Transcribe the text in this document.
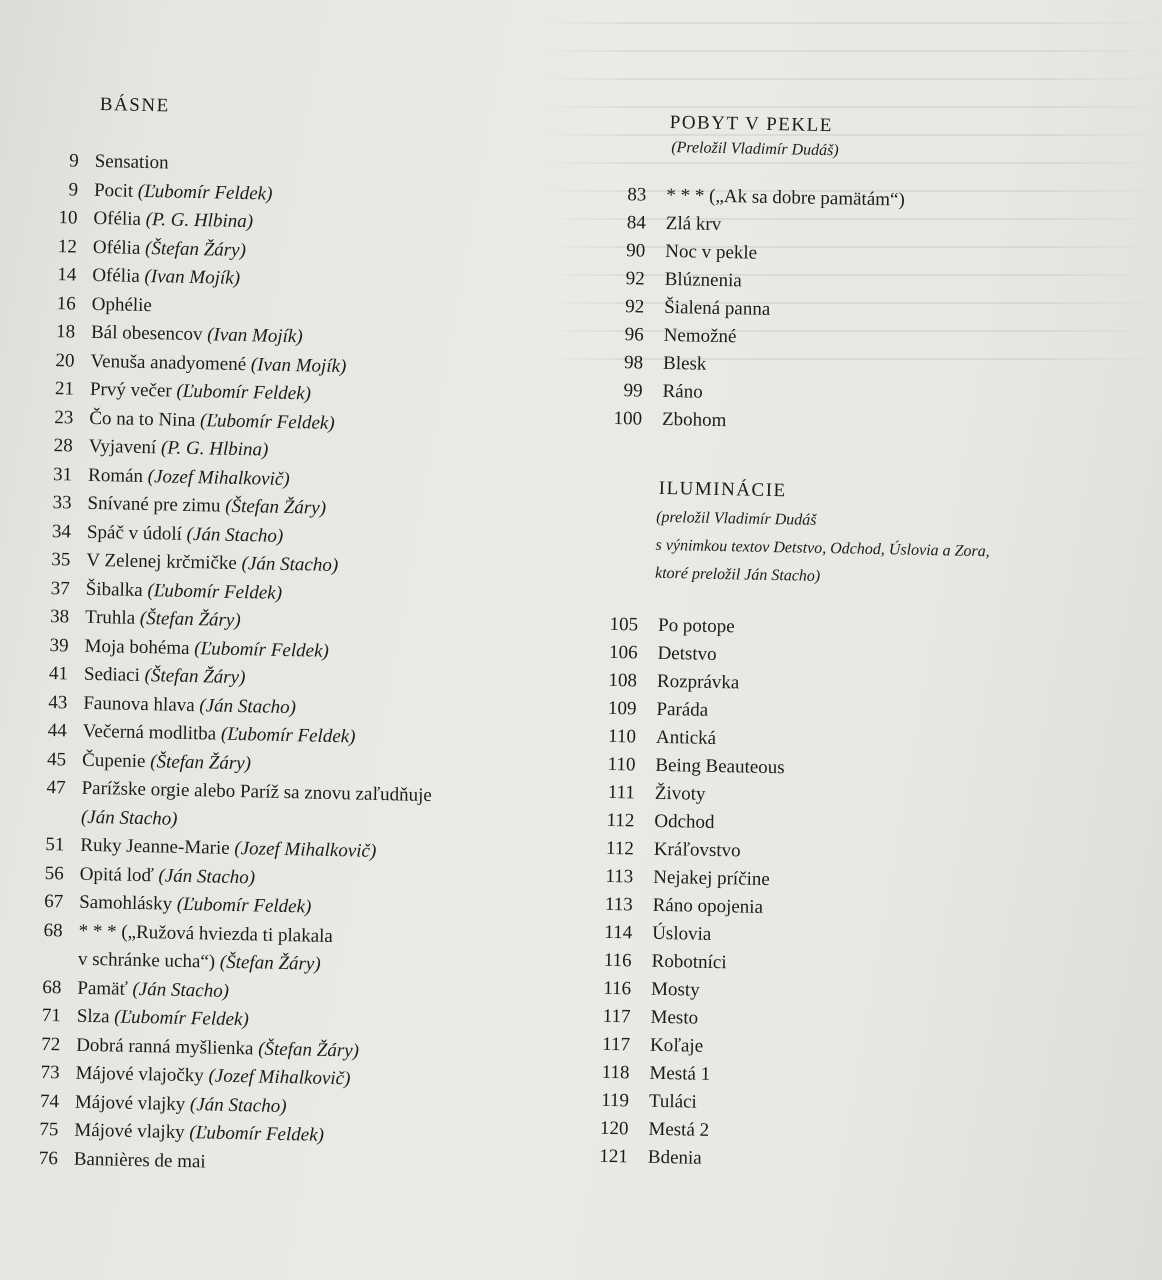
BÁSNE
9 Sensation
9 Pocit (Ľubomír Feldek)
10 Ofélia (P. G. Hlbina)
12 Ofélia (Štefan Žáry)
14 Ofélia (Ivan Mojík)
16 Ophélie
18 Bál obesencov (Ivan Mojík)
20 Venuša anadyomené (Ivan Mojík)
21 Prvý večer (Ľubomír Feldek)
23 Čo na to Nina (Ľubomír Feldek)
28 Vyjavení (P. G. Hlbina)
31 Román (Jozef Mihalkovič)
33 Snívané pre zimu (Štefan Žáry)
34 Spáč v údolí (Ján Stacho)
35 V Zelenej krčmičke (Ján Stacho)
37 Šibalka (Ľubomír Feldek)
38 Truhla (Štefan Žáry)
39 Moja bohéma (Ľubomír Feldek)
41 Sediaci (Štefan Žáry)
43 Faunova hlava (Ján Stacho)
44 Večerná modlitba (Ľubomír Feldek)
45 Čupenie (Štefan Žáry)
47 Parížske orgie alebo Paríž sa znovu zaľudňuje
(Ján Stacho)
51 Ruky Jeanne-Marie (Jozef Mihalkovič)
56 Opitá loď (Ján Stacho)
67 Samohlásky (Ľubomír Feldek)
68 * * * („Ružová hviezda ti plakala
v schránke ucha“) (Štefan Žáry)
68 Pamäť (Ján Stacho)
71 Slza (Ľubomír Feldek)
72 Dobrá ranná myšlienka (Štefan Žáry)
73 Májové vlajočky (Jozef Mihalkovič)
74 Májové vlajky (Ján Stacho)
75 Májové vlajky (Ľubomír Feldek)
76 Bannières de mai
POBYT V PEKLE
(Preložil Vladimír Dudáš)
83 * * * („Ak sa dobre pamätám“)
84 Zlá krv
90 Noc v pekle
92 Blúznenia
92 Šialená panna
96 Nemožné
98 Blesk
99 Ráno
100 Zbohom
ILUMINÁCIE
(preložil Vladimír Dudáš
s výnimkou textov Detstvo, Odchod, Úslovia a Zora,
ktoré preložil Ján Stacho)
105 Po potope
106 Detstvo
108 Rozprávka
109 Paráda
110 Antická
110 Being Beauteous
111 Životy
112 Odchod
112 Kráľovstvo
113 Nejakej príčine
113 Ráno opojenia
114 Úslovia
116 Robotníci
116 Mosty
117 Mesto
117 Koľaje
118 Mestá 1
119 Tuláci
120 Mestá 2
121 Bdenia
